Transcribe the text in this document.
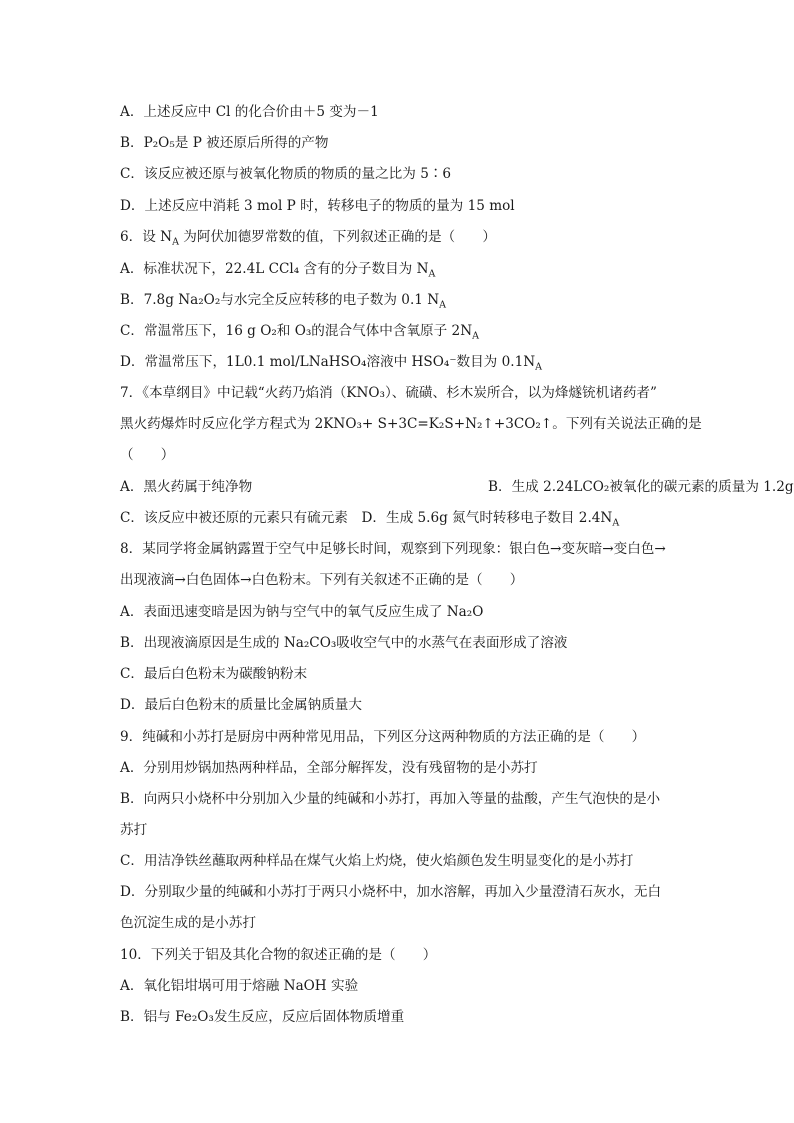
A．上述反应中 Cl 的化合价由＋5 变为－1
B．P₂O₅是 P 被还原后所得的产物
C．该反应被还原与被氧化物质的物质的量之比为 5∶6
D．上述反应中消耗 3 mol P 时，转移电子的物质的量为 15 mol
6．设 $N_A$ 为阿伏加德罗常数的值，下列叙述正确的是（　　）
A．标准状况下，22.4L CCl₄ 含有的分子数目为 $N_A$
B．7.8g Na₂O₂与水完全反应转移的电子数为 0.1 $N_A$
C．常温常压下，16 g O₂和 O₃的混合气体中含氧原子 $2N_A$
D．常温常压下，1L0.1 mol/LNaHSO₄溶液中 HSO₄⁻数目为 $0.1N_A$
7．《本草纲目》中记载“火药乃焰消（KNO₃）、硫磺、杉木炭所合，以为烽燧铳机诸药者”
黑火药爆炸时反应化学方程式为 2KNO₃+ S+3C=K₂S+N₂↑+3CO₂↑。下列有关说法正确的是
（　　）
A．黑火药属于纯净物	B．生成 2.24LCO₂被氧化的碳元素的质量为 1.2g
C．该反应中被还原的元素只有硫元素　D．生成 5.6g 氮气时转移电子数目 $2.4N_A$
8．某同学将金属钠露置于空气中足够长时间，观察到下列现象：银白色→变灰暗→变白色→
出现液滴→白色固体→白色粉末。下列有关叙述不正确的是（　　）
A．表面迅速变暗是因为钠与空气中的氧气反应生成了 Na₂O
B．出现液滴原因是生成的 Na₂CO₃吸收空气中的水蒸气在表面形成了溶液
C．最后白色粉末为碳酸钠粉末
D．最后白色粉末的质量比金属钠质量大
9．纯碱和小苏打是厨房中两种常见用品，下列区分这两种物质的方法正确的是（　　）
A．分别用炒锅加热两种样品，全部分解挥发，没有残留物的是小苏打
B．向两只小烧杯中分别加入少量的纯碱和小苏打，再加入等量的盐酸，产生气泡快的是小
苏打
C．用洁净铁丝蘸取两种样品在煤气火焰上灼烧，使火焰颜色发生明显变化的是小苏打
D．分别取少量的纯碱和小苏打于两只小烧杯中，加水溶解，再加入少量澄清石灰水，无白
色沉淀生成的是小苏打
10．下列关于铝及其化合物的叙述正确的是（　　）
A．氧化铝坩埚可用于熔融 NaOH 实验
B．铝与 Fe₂O₃发生反应，反应后固体物质增重
